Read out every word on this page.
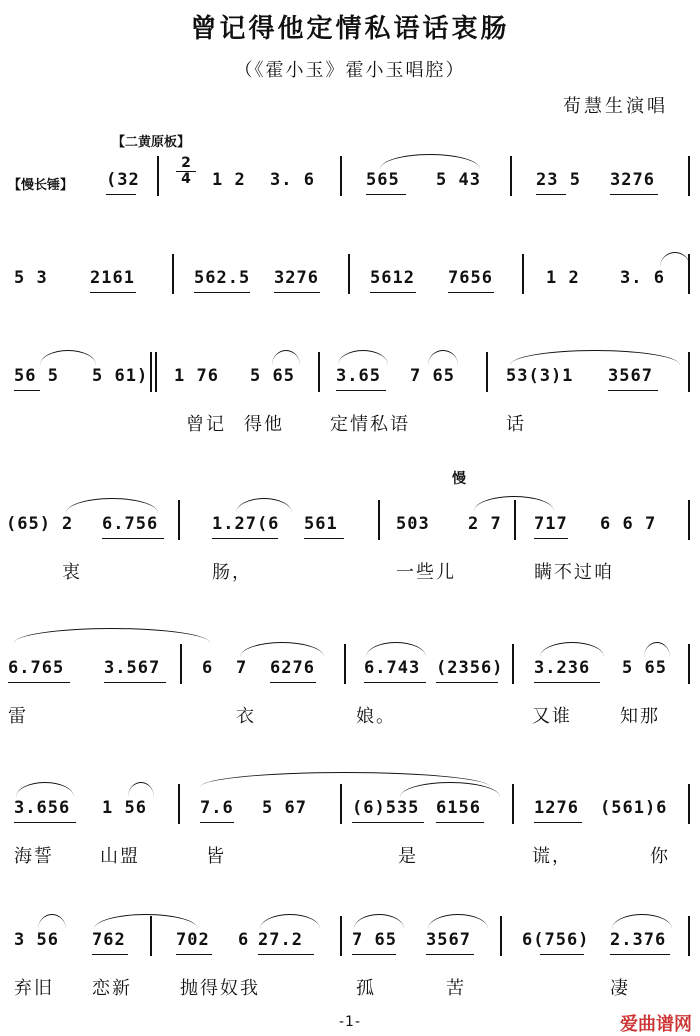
曾记得他定情私语话衷肠
（《霍小玉》霍小玉唱腔）
荀慧生演唱
【二黄原板】
【慢长锤】 (32
2
4	1 2 3. 6	565 5 43	23 5 3276
5 3 2161	562.5 3276	5612 7656	1 2 3. 6
56 5 5 61) 1 76 5 65 3.65 7 65	53(3)1 3567
曾记 得他	定情私语	话
慢
(65) 2 6.756	1.27(6 561	503 2 7 717 6 6 7
衷	肠，	一些儿	瞒不过咱
6.765 3.567 6 7 6276	6.743 (2356) 3.236 5 65
雷	衣	娘。	又谁	知那
3.656 1 56	7.6 5 67	(6)535 6156	1276 (561)6
海誓	山盟	皆	是	谎，	你
3 56 762	702 6 27.2	7 65 3567	6(756) 2.376
弃旧 恋新	抛得奴我	孤	苦	凄
-1-	爱曲谱网
